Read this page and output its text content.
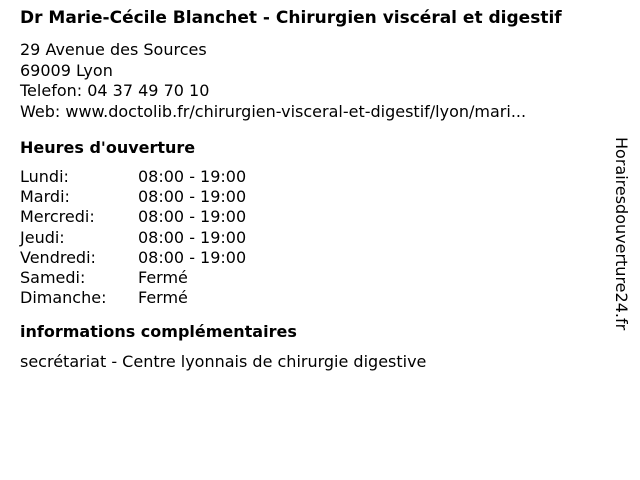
Dr Marie-Cécile Blanchet - Chirurgien viscéral et digestif
29 Avenue des Sources
69009 Lyon
Telefon: 04 37 49 70 10
Web: www.doctolib.fr/chirurgien-visceral-et-digestif/lyon/mari...
Heures d'ouverture
Lundi:	08:00 - 19:00
Mardi:	08:00 - 19:00
Mercredi:	08:00 - 19:00
Jeudi:	08:00 - 19:00
Vendredi:	08:00 - 19:00
Samedi:	Fermé
Dimanche:	Fermé
informations complémentaires
secrétariat - Centre lyonnais de chirurgie digestive
Horairesdouverture24.fr
